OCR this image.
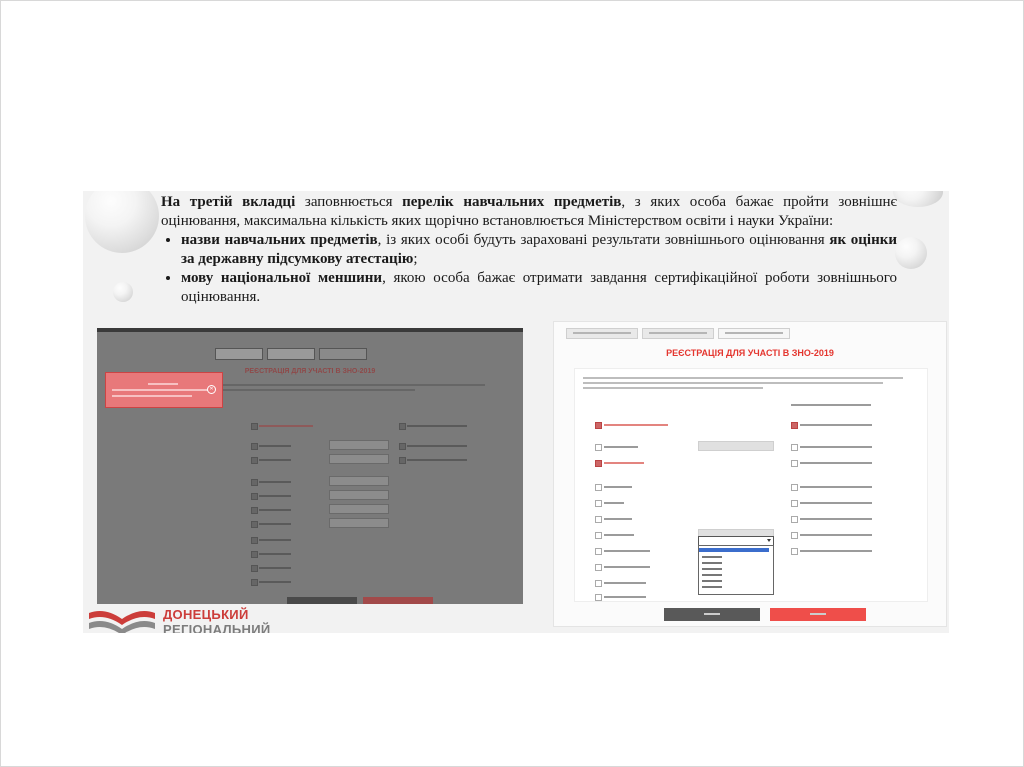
На третій вкладці заповнюється перелік навчальних предметів, з яких особа бажає пройти зовнішнє оцінювання, максимальна кількість яких щорічно встановлюється Міністерством освіти і науки України:
• назви навчальних предметів, із яких особі будуть зараховані результати зовнішнього оцінювання як оцінки за державну підсумкову атестацію;
• мову національної меншини, якою особа бажає отримати завдання сертифікаційної роботи зовнішнього оцінювання.
РЕЄСТРАЦІЯ ДЛЯ УЧАСТІ В ЗНО-2019
✕
РЕЄСТРАЦІЯ ДЛЯ УЧАСТІ В ЗНО-2019
ДОНЕЦЬКИЙ
РЕГІОНАЛЬНИЙ
